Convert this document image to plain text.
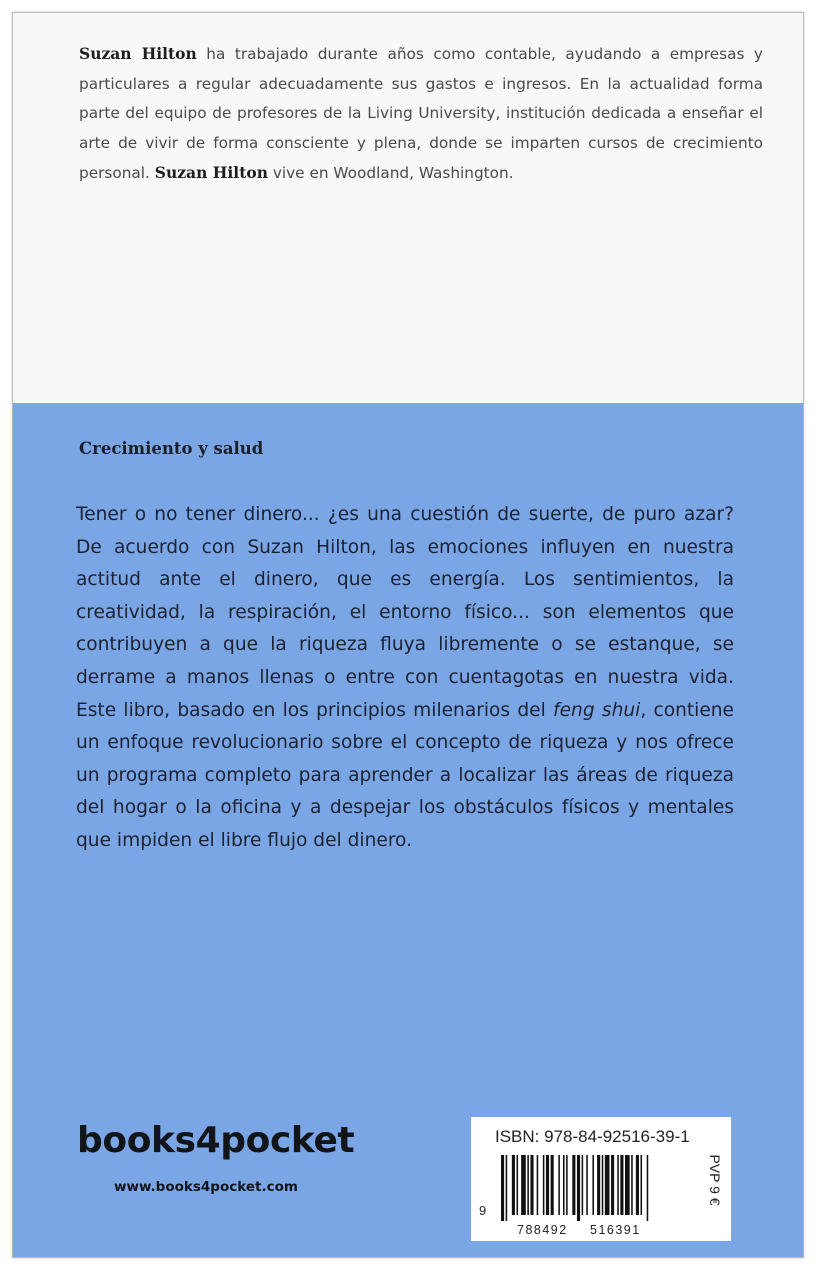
Suzan Hilton ha trabajado durante años como contable, ayudando a empresas y particulares a regular adecuadamente sus gastos e ingresos. En la actualidad forma parte del equipo de profesores de la Living University, institución dedicada a enseñar el arte de vivir de forma consciente y plena, donde se imparten cursos de crecimiento personal. Suzan Hilton vive en Woodland, Washington.

Crecimiento y salud

Tener o no tener dinero... ¿es una cuestión de suerte, de puro azar? De acuerdo con Suzan Hilton, las emociones influyen en nuestra actitud ante el dinero, que es energía. Los sentimientos, la creatividad, la respiración, el entorno físico... son elementos que contribuyen a que la riqueza fluya libremente o se estanque, se derrame a manos llenas o entre con cuentagotas en nuestra vida. Este libro, basado en los principios milenarios del feng shui, contiene un enfoque revolucionario sobre el concepto de riqueza y nos ofrece un programa completo para aprender a localizar las áreas de riqueza del hogar o la oficina y a despejar los obstáculos físicos y mentales que impiden el libre flujo del dinero.

books4pocket
www.books4pocket.com
ISBN: 978-84-92516-39-1
9
788492 516391
PVP 9 €
